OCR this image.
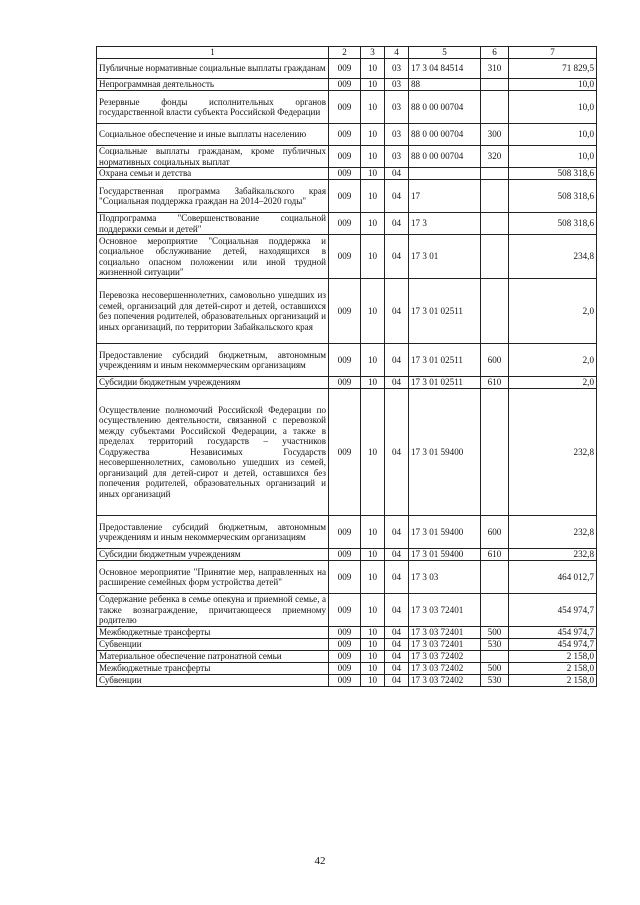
1	2	3	4	5	6	7
Публичные нормативные социальные выплаты гражданам	009	10	03	17 3 04 84514	310	71 829,5
Непрограммная деятельность	009	10	03	88		10,0
Резервные фонды исполнительных органов государственной власти субъекта Российской Федерации	009	10	03	88 0 00 00704		10,0
Социальное обеспечение и иные выплаты населению	009	10	03	88 0 00 00704	300	10,0
Социальные выплаты гражданам, кроме публичных нормативных социальных выплат	009	10	03	88 0 00 00704	320	10,0
Охрана семьи и детства	009	10	04			508 318,6
Государственная программа Забайкальского края "Социальная поддержка граждан на 2014–2020 годы"	009	10	04	17		508 318,6
Подпрограмма "Совершенствование социальной поддержки семьи и детей"	009	10	04	17 3		508 318,6
Основное мероприятие "Социальная поддержка и социальное обслуживание детей, находящихся в социально опасном положении или иной трудной жизненной ситуации"	009	10	04	17 3 01		234,8
Перевозка несовершеннолетних, самовольно ушедших из семей, организаций для детей-сирот и детей, оставшихся без попечения родителей, образовательных организаций и иных организаций, по территории Забайкальского края	009	10	04	17 3 01 02511		2,0
Предоставление субсидий бюджетным, автономным учреждениям и иным некоммерческим организациям	009	10	04	17 3 01 02511	600	2,0
Субсидии бюджетным учреждениям	009	10	04	17 3 01 02511	610	2,0
Осуществление полномочий Российской Федерации по осуществлению деятельности, связанной с перевозкой между субъектами Российской Федерации, а также в пределах территорий государств – участников Содружества Независимых Государств несовершеннолетних, самовольно ушедших из семей, организаций для детей-сирот и детей, оставшихся без попечения родителей, образовательных организаций и иных организаций	009	10	04	17 3 01 59400		232,8
Предоставление субсидий бюджетным, автономным учреждениям и иным некоммерческим организациям	009	10	04	17 3 01 59400	600	232,8
Субсидии бюджетным учреждениям	009	10	04	17 3 01 59400	610	232,8
Основное мероприятие "Принятие мер, направленных на расширение семейных форм устройства детей"	009	10	04	17 3 03		464 012,7
Содержание ребенка в семье опекуна и приемной семье, а также вознаграждение, причитающееся приемному родителю	009	10	04	17 3 03 72401		454 974,7
Межбюджетные трансферты	009	10	04	17 3 03 72401	500	454 974,7
Субвенции	009	10	04	17 3 03 72401	530	454 974,7
Материальное обеспечение патронатной семьи	009	10	04	17 3 03 72402		2 158,0
Межбюджетные трансферты	009	10	04	17 3 03 72402	500	2 158,0
Субвенции	009	10	04	17 3 03 72402	530	2 158,0
42
